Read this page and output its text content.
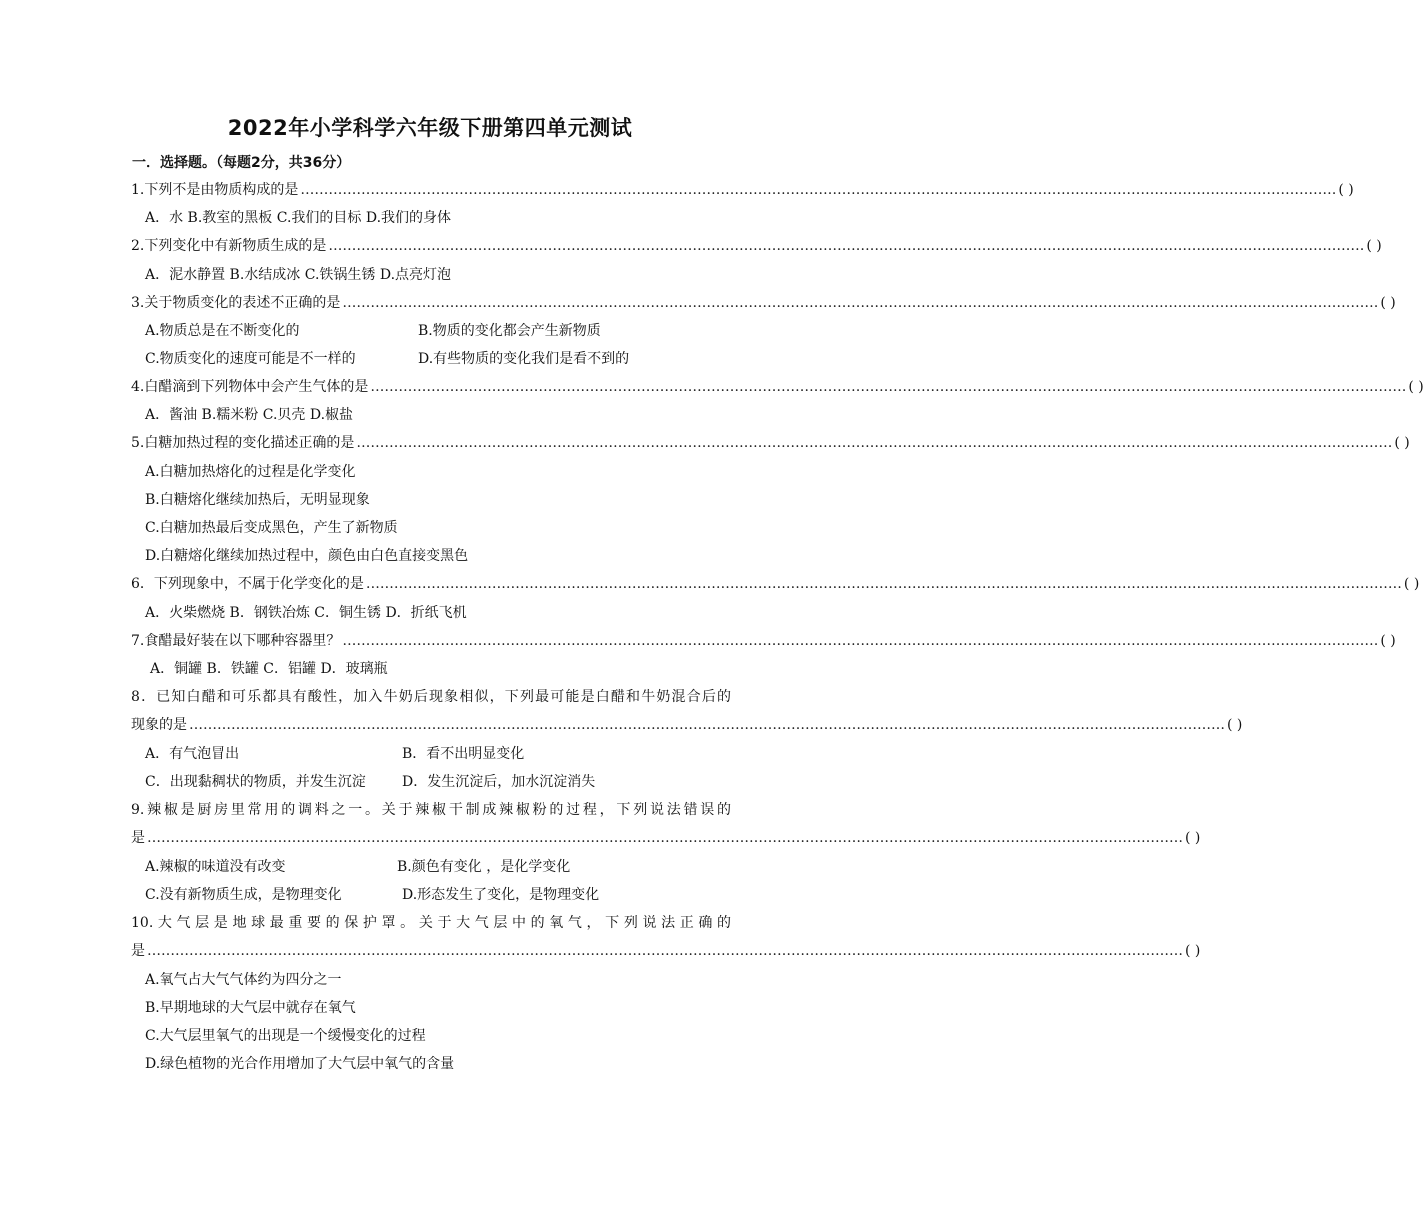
2022年小学科学六年级下册第四单元测试
一．选择题。（每题2分，共36分）
1.下列不是由物质构成的是 …………………………………………………………………………………………………………………………………………………………………………………………………… ( )
A．水 B.教室的黑板 C.我们的目标 D.我们的身体
2.下列变化中有新物质生成的是 …………………………………………………………………………………………………………………………………………………………………………………………………… ( )
A．泥水静置 B.水结成冰 C.铁锅生锈 D.点亮灯泡
3.关于物质变化的表述不正确的是 …………………………………………………………………………………………………………………………………………………………………………………………………… ( )
A.物质总是在不断变化的	B.物质的变化都会产生新物质
C.物质变化的速度可能是不一样的	D.有些物质的变化我们是看不到的
4.白醋滴到下列物体中会产生气体的是 …………………………………………………………………………………………………………………………………………………………………………………………………… ( )
A．酱油 B.糯米粉 C.贝壳 D.椒盐
5.白糖加热过程的变化描述正确的是 …………………………………………………………………………………………………………………………………………………………………………………………………… ( )
A.白糖加热熔化的过程是化学变化
B.白糖熔化继续加热后，无明显现象
C.白糖加热最后变成黑色，产生了新物质
D.白糖熔化继续加热过程中，颜色由白色直接变黑色
6．下列现象中，不属于化学变化的是 …………………………………………………………………………………………………………………………………………………………………………………………………… ( )
A．火柴燃烧 B．钢铁冶炼 C．铜生锈 D．折纸飞机
7.食醋最好装在以下哪种容器里？ …………………………………………………………………………………………………………………………………………………………………………………………………… ( )
A．铜罐 B．铁罐 C．铝罐 D．玻璃瓶
8．已知白醋和可乐都具有酸性，加入牛奶后现象相似，下列最可能是白醋和牛奶混合后的
现象的是 …………………………………………………………………………………………………………………………………………………………………………………………………… ( )
A．有气泡冒出	B．看不出明显变化
C．出现黏稠状的物质，并发生沉淀	D．发生沉淀后，加水沉淀消失
9.辣椒是厨房里常用的调料之一。关于辣椒干制成辣椒粉的过程，下列说法错误的
是 …………………………………………………………………………………………………………………………………………………………………………………………………… ( )
A.辣椒的味道没有改变	B.颜色有变化 ，是化学变化
C.没有新物质生成，是物理变化	D.形态发生了变化，是物理变化
10.大气层是地球最重要的保护罩。关于大气层中的氧气，下列说法正确的
是 …………………………………………………………………………………………………………………………………………………………………………………………………… ( )
A.氧气占大气气体约为四分之一
B.早期地球的大气层中就存在氧气
C.大气层里氧气的出现是一个缓慢变化的过程
D.绿色植物的光合作用增加了大气层中氧气的含量
